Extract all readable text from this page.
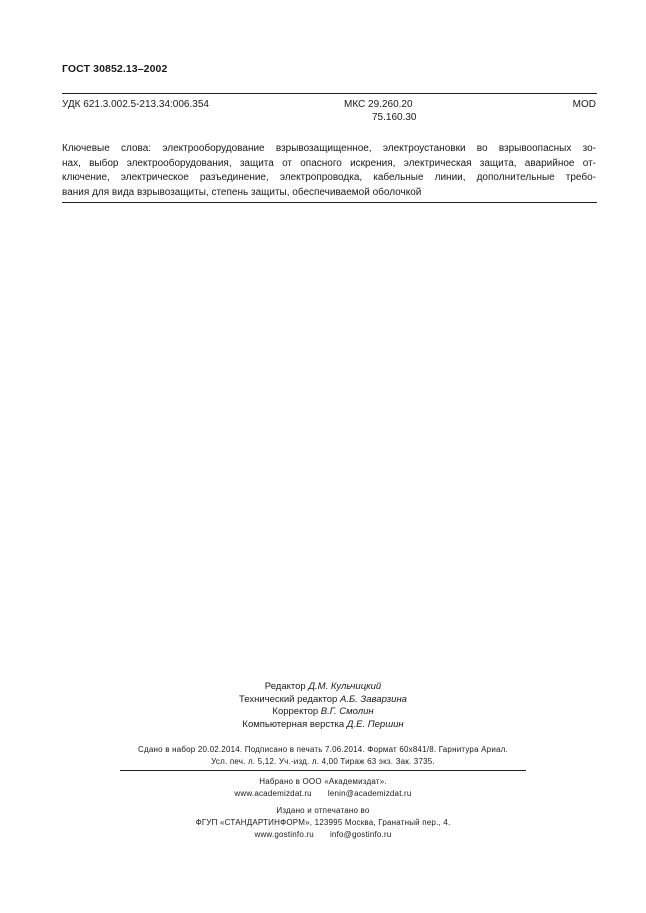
ГОСТ 30852.13–2002
УДК 621.3.002.5-213.34:006.354	МКС 29.260.20
75.160.30
MOD
Ключевые слова: электрооборудование взрывозащищенное, электроустановки во взрывоопасных зо-
нах, выбор электрооборудования, защита от опасного искрения, электрическая защита, аварийное от-
ключение, электрическое разъединение, электропроводка, кабельные линии, дополнительные требо-
вания для вида взрывозащиты, степень защиты, обеспечиваемой оболочкой
Редактор Д.М. Кульчицкий
Технический редактор А.Б. Заварзина
Корректор В.Г. Смолин
Компьютерная верстка Д.Е. Першин
Сдано в набор 20.02.2014. Подписано в печать 7.06.2014. Формат 60х841/8. Гарнитура Ариал.
Усл. печ. л. 5,12. Уч.-изд. л. 4,00 Тираж 63 экз. Зак. 3735.
Набрано в ООО «Академиздат».
www.academizdat.ru lenin@academizdat.ru
Издано и отпечатано во
ФГУП «СТАНДАРТИНФОРМ», 123995 Москва, Гранатный пер., 4.
www.gostinfo.ru info@gostinfo.ru
